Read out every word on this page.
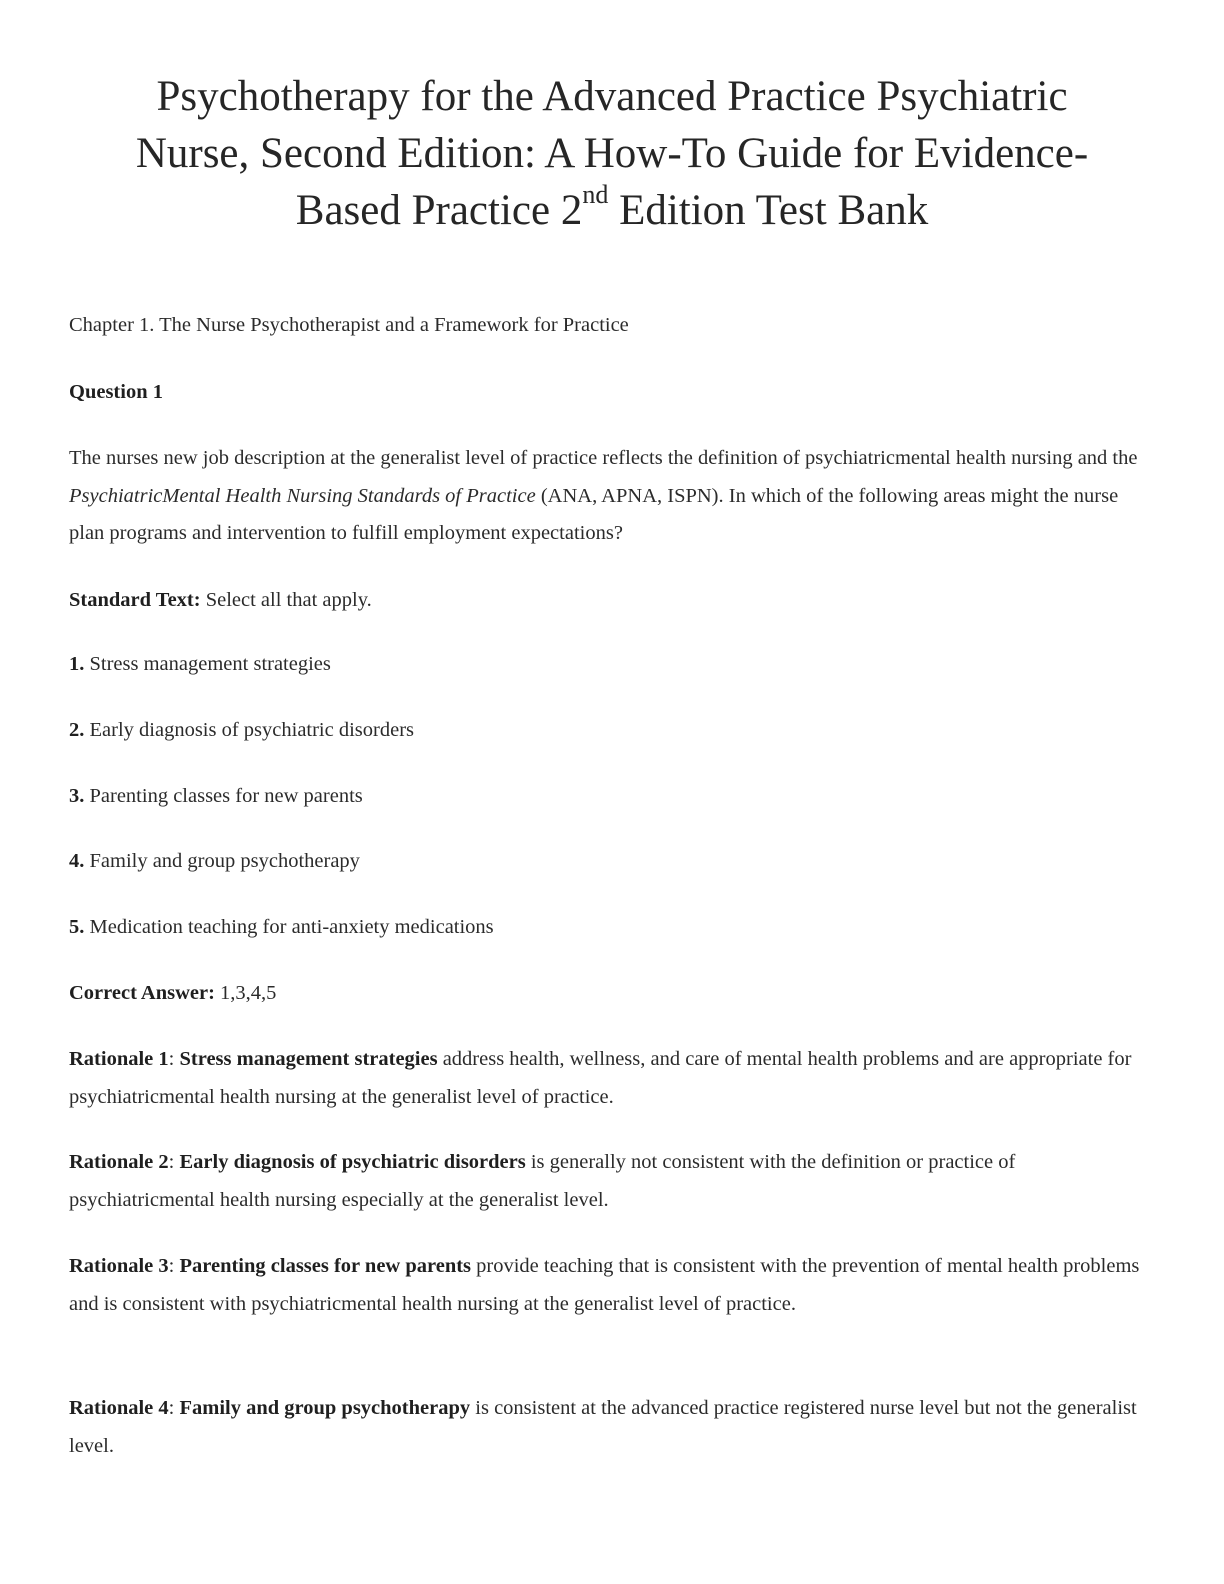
Psychotherapy for the Advanced Practice Psychiatric
Nurse, Second Edition: A How-To Guide for Evidence-
Based Practice 2nd Edition Test Bank

Chapter 1. The Nurse Psychotherapist and a Framework for Practice

Question 1

The nurses new job description at the generalist level of practice reflects the definition of psychiatricmental health nursing and the PsychiatricMental Health Nursing Standards of Practice (ANA, APNA, ISPN). In which of the following areas might the nurse plan programs and intervention to fulfill employment expectations?

Standard Text: Select all that apply.

1. Stress management strategies

2. Early diagnosis of psychiatric disorders

3. Parenting classes for new parents

4. Family and group psychotherapy

5. Medication teaching for anti-anxiety medications

Correct Answer: 1,3,4,5

Rationale 1: Stress management strategies address health, wellness, and care of mental health problems and are appropriate for psychiatricmental health nursing at the generalist level of practice.

Rationale 2: Early diagnosis of psychiatric disorders is generally not consistent with the definition or practice of psychiatricmental health nursing especially at the generalist level.

Rationale 3: Parenting classes for new parents provide teaching that is consistent with the prevention of mental health problems and is consistent with psychiatricmental health nursing at the generalist level of practice.

Rationale 4: Family and group psychotherapy is consistent at the advanced practice registered nurse level but not the generalist level.
